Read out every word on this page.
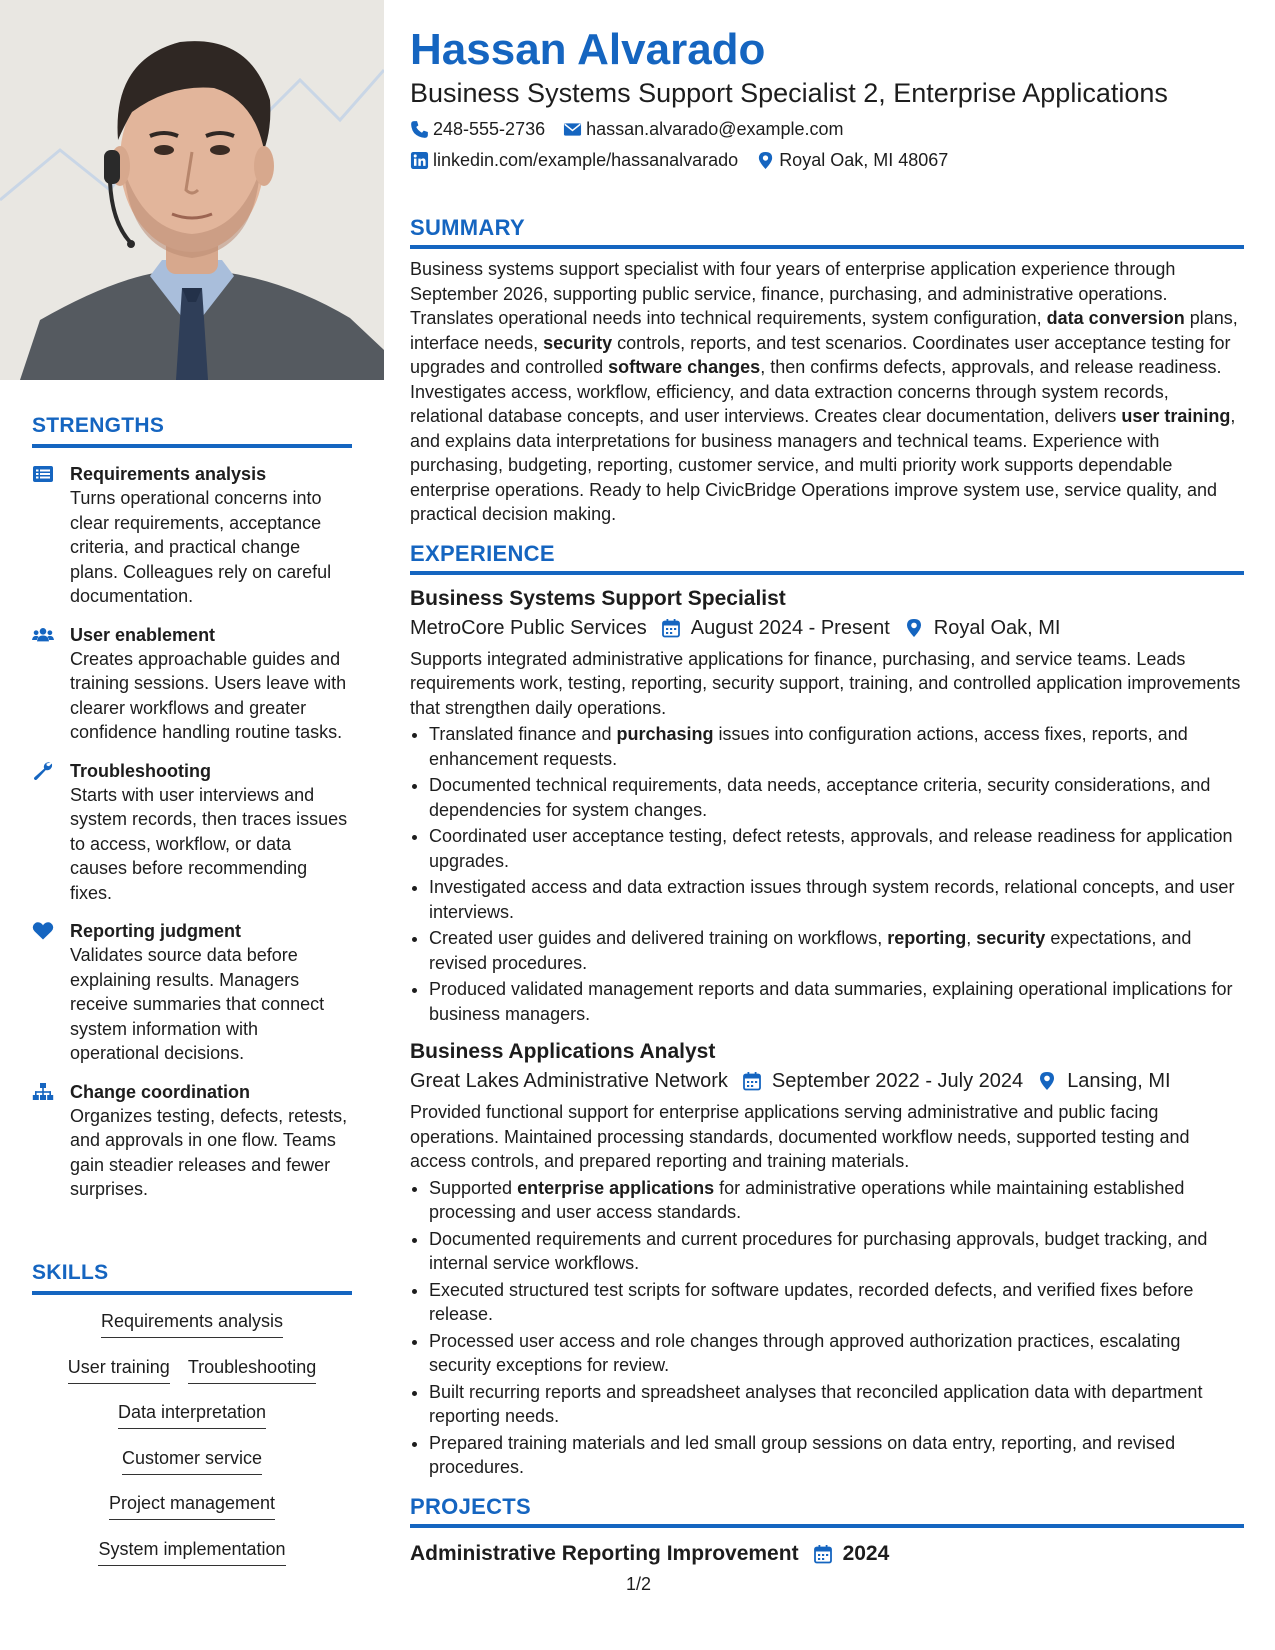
STRENGTHS
Requirements analysis
Turns operational concerns into clear requirements, acceptance criteria, and practical change plans. Colleagues rely on careful documentation.
User enablement
Creates approachable guides and training sessions. Users leave with clearer workflows and greater confidence handling routine tasks.
Troubleshooting
Starts with user interviews and system records, then traces issues to access, workflow, or data causes before recommending fixes.
Reporting judgment
Validates source data before explaining results. Managers receive summaries that connect system information with operational decisions.
Change coordination
Organizes testing, defects, retests, and approvals in one flow. Teams gain steadier releases and fewer surprises.
SKILLS
Requirements analysis
User training Troubleshooting
Data interpretation
Customer service
Project management
System implementation
Hassan Alvarado
Business Systems Support Specialist 2, Enterprise Applications
248-555-2736 hassan.alvarado@example.com
linkedin.com/example/hassanalvarado Royal Oak, MI 48067
SUMMARY

Business systems support specialist with four years of enterprise application experience through September 2026, supporting public service, finance, purchasing, and administrative operations. Translates operational needs into technical requirements, system configuration, data conversion plans, interface needs, security controls, reports, and test scenarios. Coordinates user acceptance testing for upgrades and controlled software changes, then confirms defects, approvals, and release readiness. Investigates access, workflow, efficiency, and data extraction concerns through system records, relational database concepts, and user interviews. Creates clear documentation, delivers user training, and explains data interpretations for business managers and technical teams. Experience with purchasing, budgeting, reporting, customer service, and multi priority work supports dependable enterprise operations. Ready to help CivicBridge Operations improve system use, service quality, and practical decision making.

EXPERIENCE
Business Systems Support Specialist
MetroCore Public Services August 2024 - Present Royal Oak, MI

Supports integrated administrative applications for finance, purchasing, and service teams. Leads requirements work, testing, reporting, security support, training, and controlled application improvements that strengthen daily operations.

• Translated finance and purchasing issues into configuration actions, access fixes, reports, and enhancement requests.
• Documented technical requirements, data needs, acceptance criteria, security considerations, and dependencies for system changes.
• Coordinated user acceptance testing, defect retests, approvals, and release readiness for application upgrades.
• Investigated access and data extraction issues through system records, relational concepts, and user interviews.
• Created user guides and delivered training on workflows, reporting, security expectations, and revised procedures.
• Produced validated management reports and data summaries, explaining operational implications for business managers.
Business Applications Analyst
Great Lakes Administrative Network September 2022 - July 2024 Lansing, MI

Provided functional support for enterprise applications serving administrative and public facing operations. Maintained processing standards, documented workflow needs, supported testing and access controls, and prepared reporting and training materials.

• Supported enterprise applications for administrative operations while maintaining established processing and user access standards.
• Documented requirements and current procedures for purchasing approvals, budget tracking, and internal service workflows.
• Executed structured test scripts for software updates, recorded defects, and verified fixes before release.
• Processed user access and role changes through approved authorization practices, escalating security exceptions for review.
• Built recurring reports and spreadsheet analyses that reconciled application data with department reporting needs.
• Prepared training materials and led small group sessions on data entry, reporting, and revised procedures.
PROJECTS
Administrative Reporting Improvement 2024
1/2
